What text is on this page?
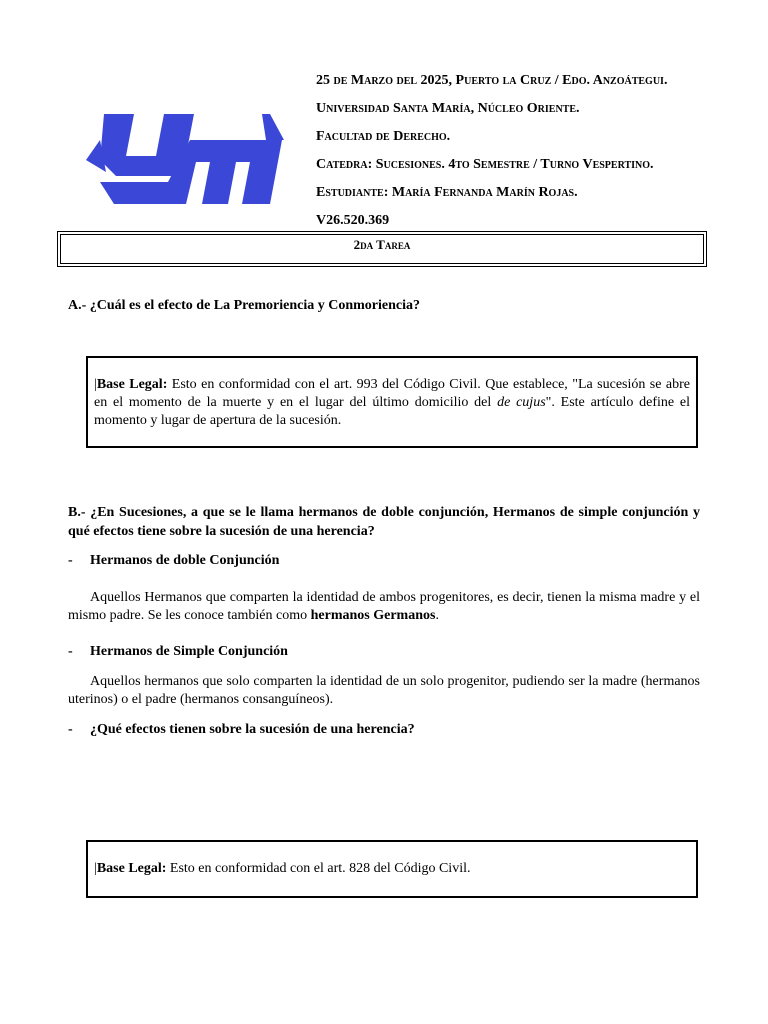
25 de Marzo del 2025, Puerto la Cruz / Edo. Anzoátegui.
Universidad Santa María, Núcleo Oriente.
Facultad de Derecho.
Catedra: Sucesiones. 4to Semestre / Turno Vespertino.
Estudiante: María Fernanda Marín Rojas.
V26.520.369
2da Tarea
A.- ¿Cuál es el efecto de La Premoriencia y Conmoriencia?
|Base Legal: Esto en conformidad con el art. 993 del Código Civil. Que establece, "La sucesión se abre en el momento de la muerte y en el lugar del último domicilio del de cujus". Este artículo define el momento y lugar de apertura de la sucesión.
B.- ¿En Sucesiones, a que se le llama hermanos de doble conjunción, Hermanos de simple conjunción y qué efectos tiene sobre la sucesión de una herencia?
- Hermanos de doble Conjunción
Aquellos Hermanos que comparten la identidad de ambos progenitores, es decir, tienen la misma madre y el mismo padre. Se les conoce también como hermanos Germanos.
- Hermanos de Simple Conjunción
Aquellos hermanos que solo comparten la identidad de un solo progenitor, pudiendo ser la madre (hermanos uterinos) o el padre (hermanos consanguíneos).
- ¿Qué efectos tienen sobre la sucesión de una herencia?
|Base Legal: Esto en conformidad con el art. 828 del Código Civil.
